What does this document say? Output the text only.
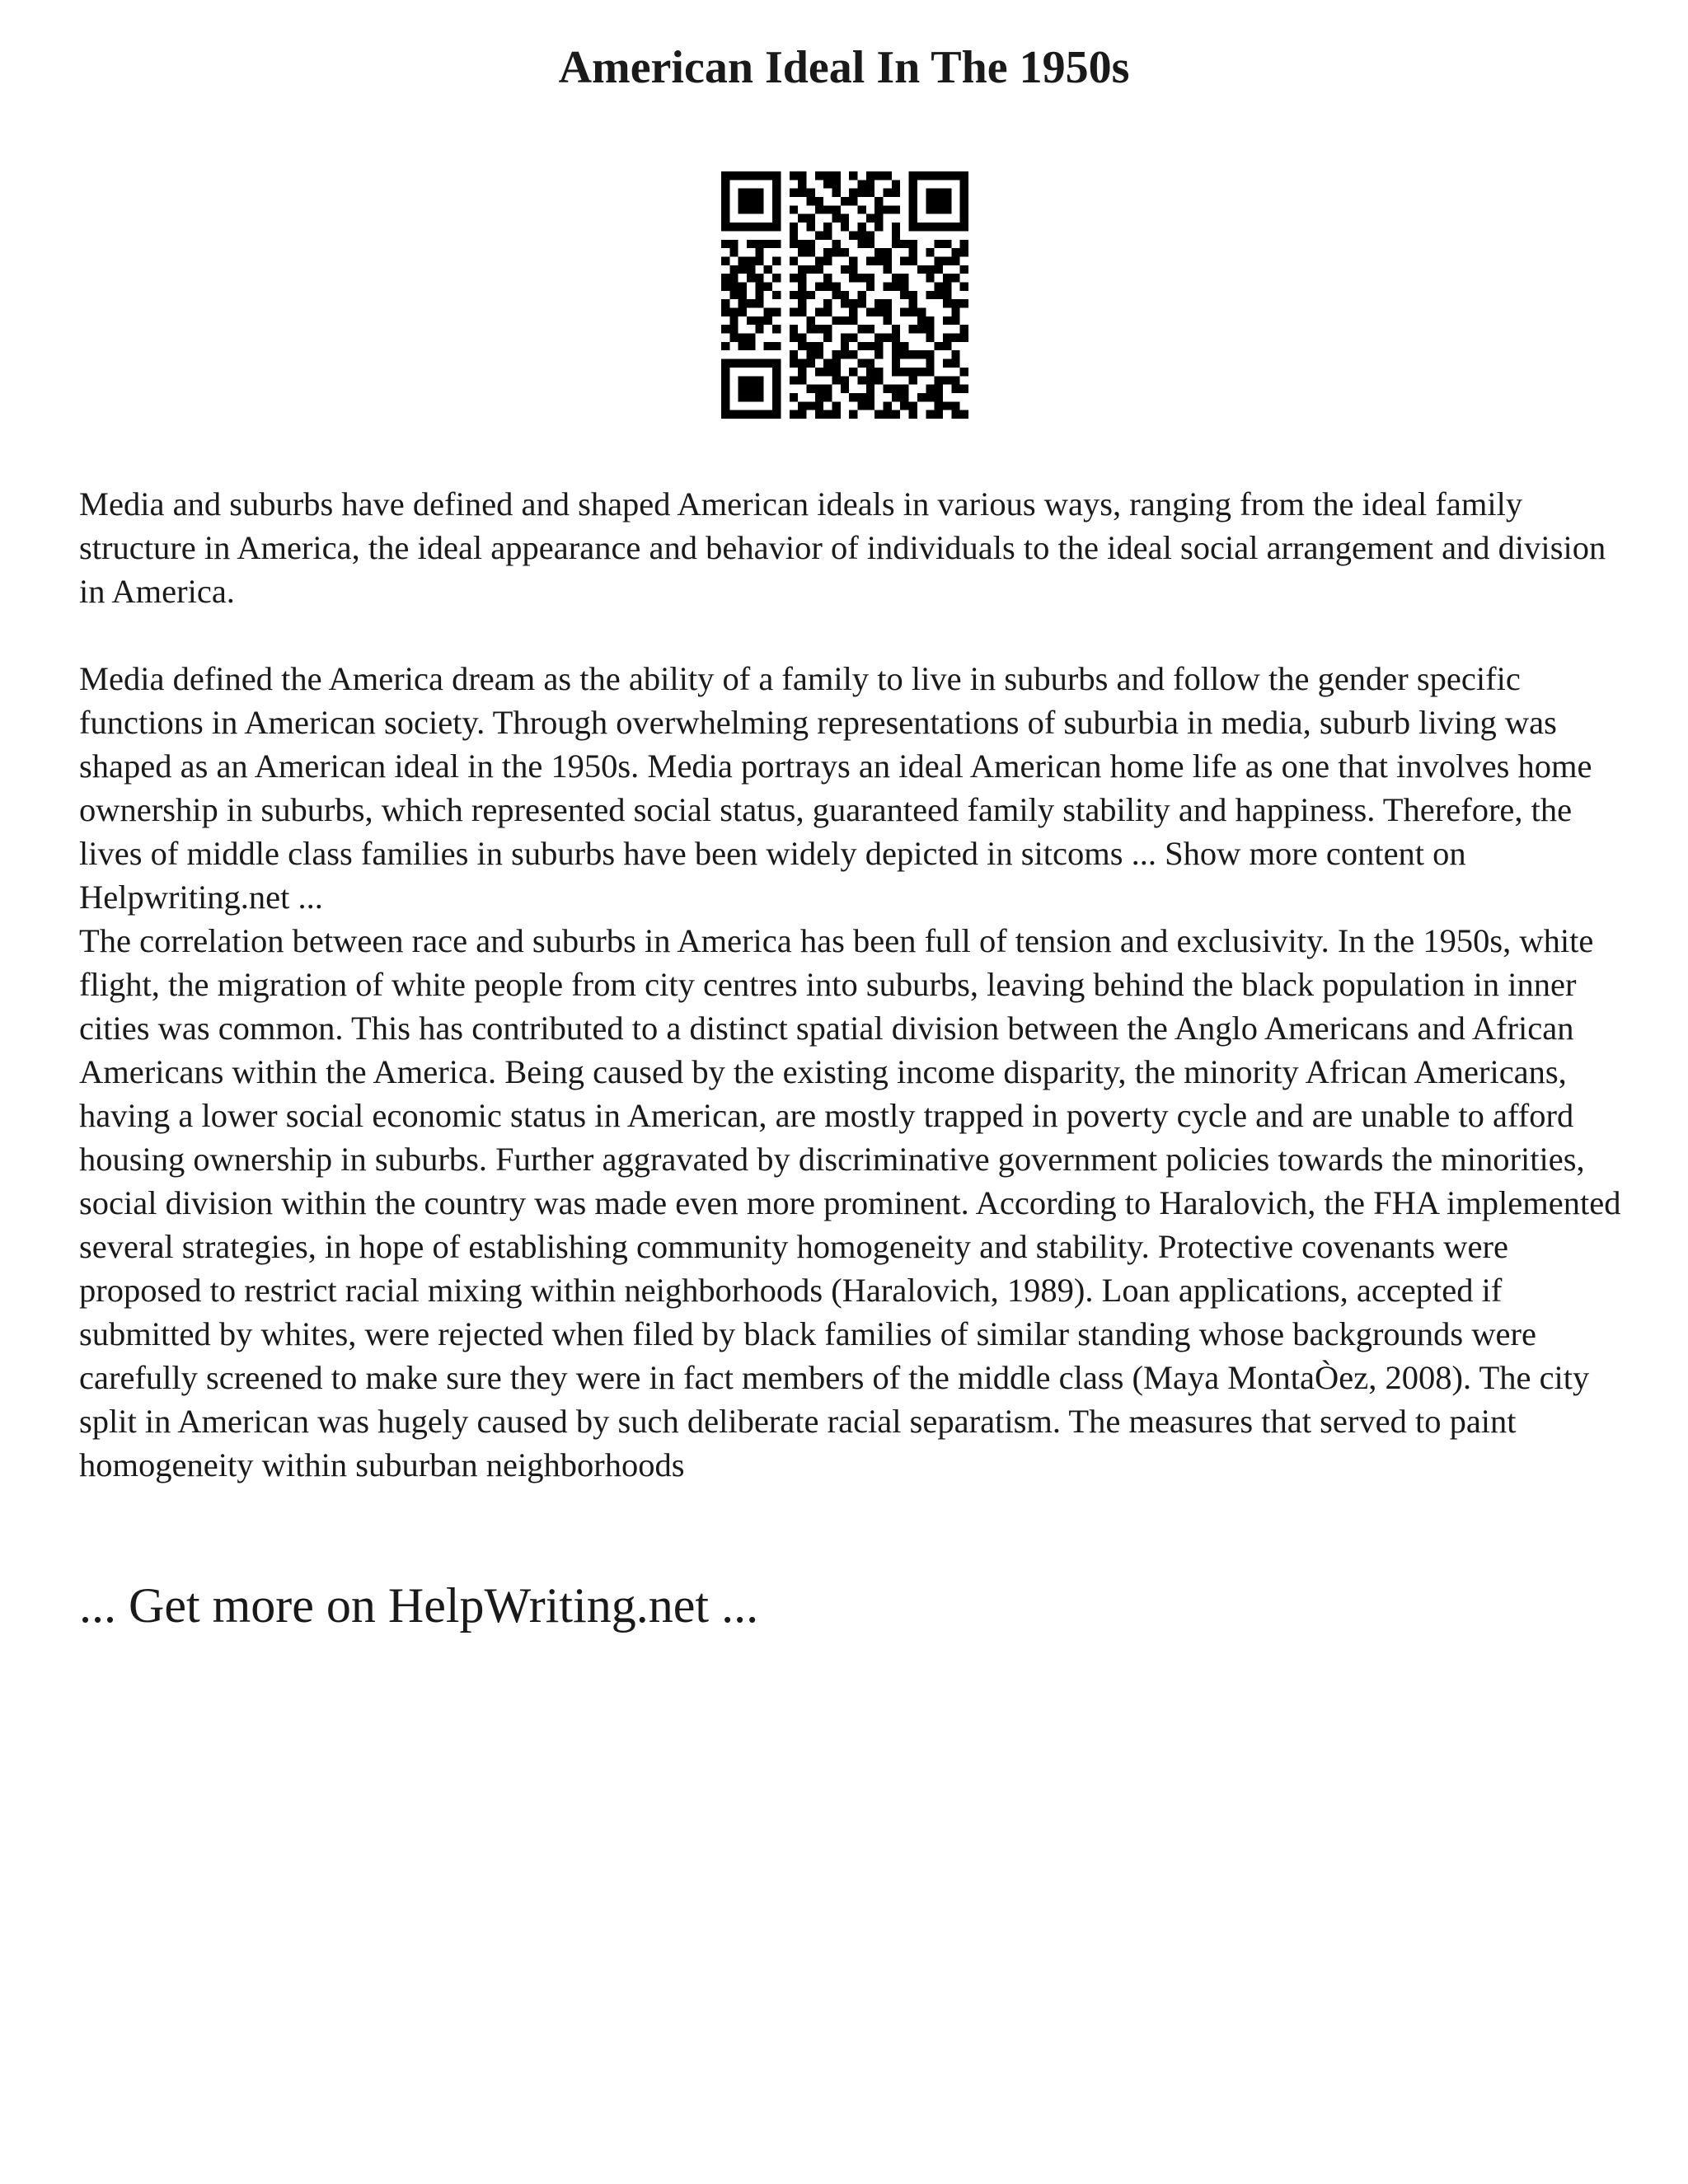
American Ideal In The 1950s

Media and suburbs have defined and shaped American ideals in various ways, ranging from the ideal family structure in America, the ideal appearance and behavior of individuals to the ideal social arrangement and division in America.

Media defined the America dream as the ability of a family to live in suburbs and follow the gender specific functions in American society. Through overwhelming representations of suburbia in media, suburb living was shaped as an American ideal in the 1950s. Media portrays an ideal American home life as one that involves home ownership in suburbs, which represented social status, guaranteed family stability and happiness. Therefore, the lives of middle class families in suburbs have been widely depicted in sitcoms ... Show more content on Helpwriting.net ...

The correlation between race and suburbs in America has been full of tension and exclusivity. In the 1950s, white flight, the migration of white people from city centres into suburbs, leaving behind the black population in inner cities was common. This has contributed to a distinct spatial division between the Anglo Americans and African Americans within the America. Being caused by the existing income disparity, the minority African Americans, having a lower social economic status in American, are mostly trapped in poverty cycle and are unable to afford housing ownership in suburbs. Further aggravated by discriminative government policies towards the minorities, social division within the country was made even more prominent. According to Haralovich, the FHA implemented several strategies, in hope of establishing community homogeneity and stability. Protective covenants were proposed to restrict racial mixing within neighborhoods (Haralovich, 1989). Loan applications, accepted if submitted by whites, were rejected when filed by black families of similar standing whose backgrounds were carefully screened to make sure they were in fact members of the middle class (Maya MontaÒez, 2008). The city split in American was hugely caused by such deliberate racial separatism. The measures that served to paint homogeneity within suburban neighborhoods

... Get more on HelpWriting.net ...
